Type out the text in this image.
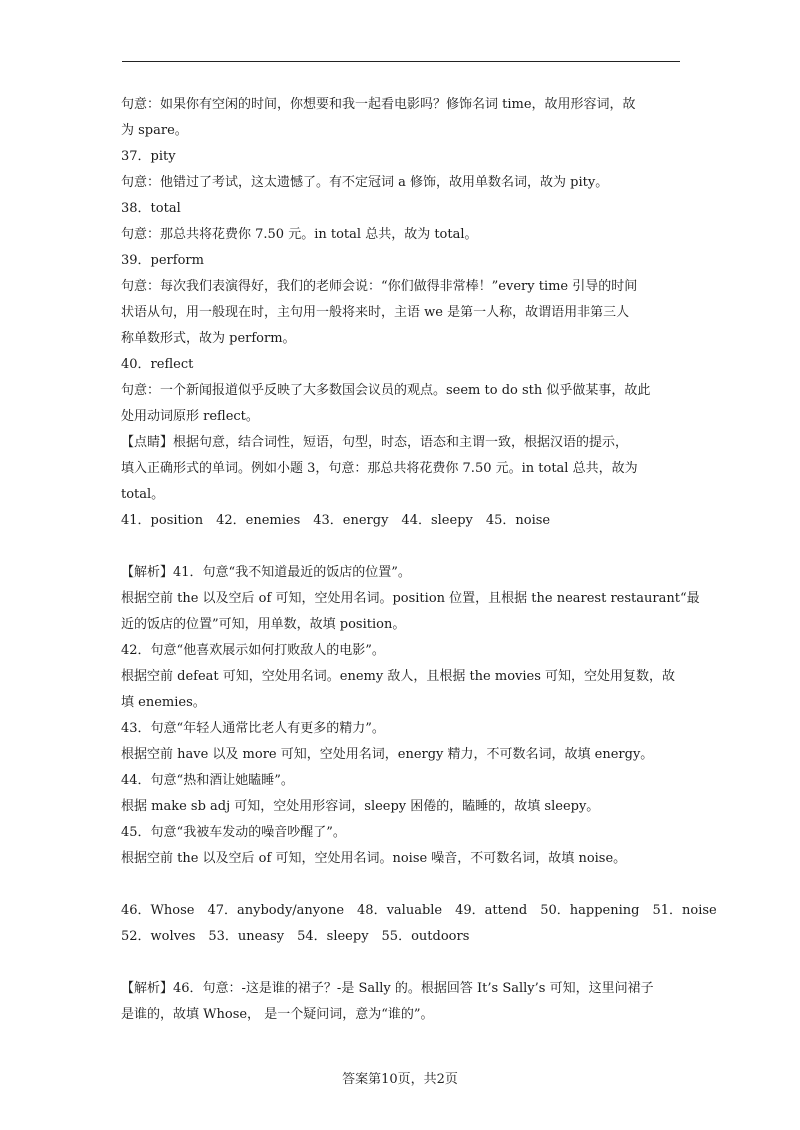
句意：如果你有空闲的时间，你想要和我一起看电影吗？修饰名词 time，故用形容词，故
为 spare。
37．pity
句意：他错过了考试，这太遗憾了。有不定冠词 a 修饰，故用单数名词，故为 pity。
38．total
句意：那总共将花费你 7.50 元。in total 总共，故为 total。
39．perform
句意：每次我们表演得好，我们的老师会说：“你们做得非常棒！”every time 引导的时间
状语从句，用一般现在时，主句用一般将来时，主语 we 是第一人称，故谓语用非第三人
称单数形式，故为 perform。
40．reflect
句意：一个新闻报道似乎反映了大多数国会议员的观点。seem to do sth 似乎做某事，故此
处用动词原形 reflect。
【点睛】根据句意，结合词性，短语，句型，时态，语态和主谓一致，根据汉语的提示，
填入正确形式的单词。例如小题 3，句意：那总共将花费你 7.50 元。in total 总共，故为
total。
41．position　42．enemies　43．energy　44．sleepy　45．noise
【解析】41．句意“我不知道最近的饭店的位置”。
根据空前 the 以及空后 of 可知，空处用名词。position 位置，且根据 the nearest restaurant“最
近的饭店的位置”可知，用单数，故填 position。
42．句意“他喜欢展示如何打败敌人的电影”。
根据空前 defeat 可知，空处用名词。enemy 敌人，且根据 the movies 可知，空处用复数，故
填 enemies。
43．句意“年轻人通常比老人有更多的精力”。
根据空前 have 以及 more 可知，空处用名词，energy 精力，不可数名词，故填 energy。
44．句意“热和酒让她瞌睡”。
根据 make sb adj 可知，空处用形容词，sleepy 困倦的，瞌睡的，故填 sleepy。
45．句意“我被车发动的噪音吵醒了”。
根据空前 the 以及空后 of 可知，空处用名词。noise 噪音，不可数名词，故填 noise。
46．Whose　47．anybody/anyone　48．valuable　49．attend　50．happening　51．noise
52．wolves　53．uneasy　54．sleepy　55．outdoors
【解析】46．句意：-这是谁的裙子？-是 Sally 的。根据回答 It’s Sally’s 可知，这里问裙子
是谁的，故填 Whose， 是一个疑问词，意为“谁的”。
答案第10页，共2页
